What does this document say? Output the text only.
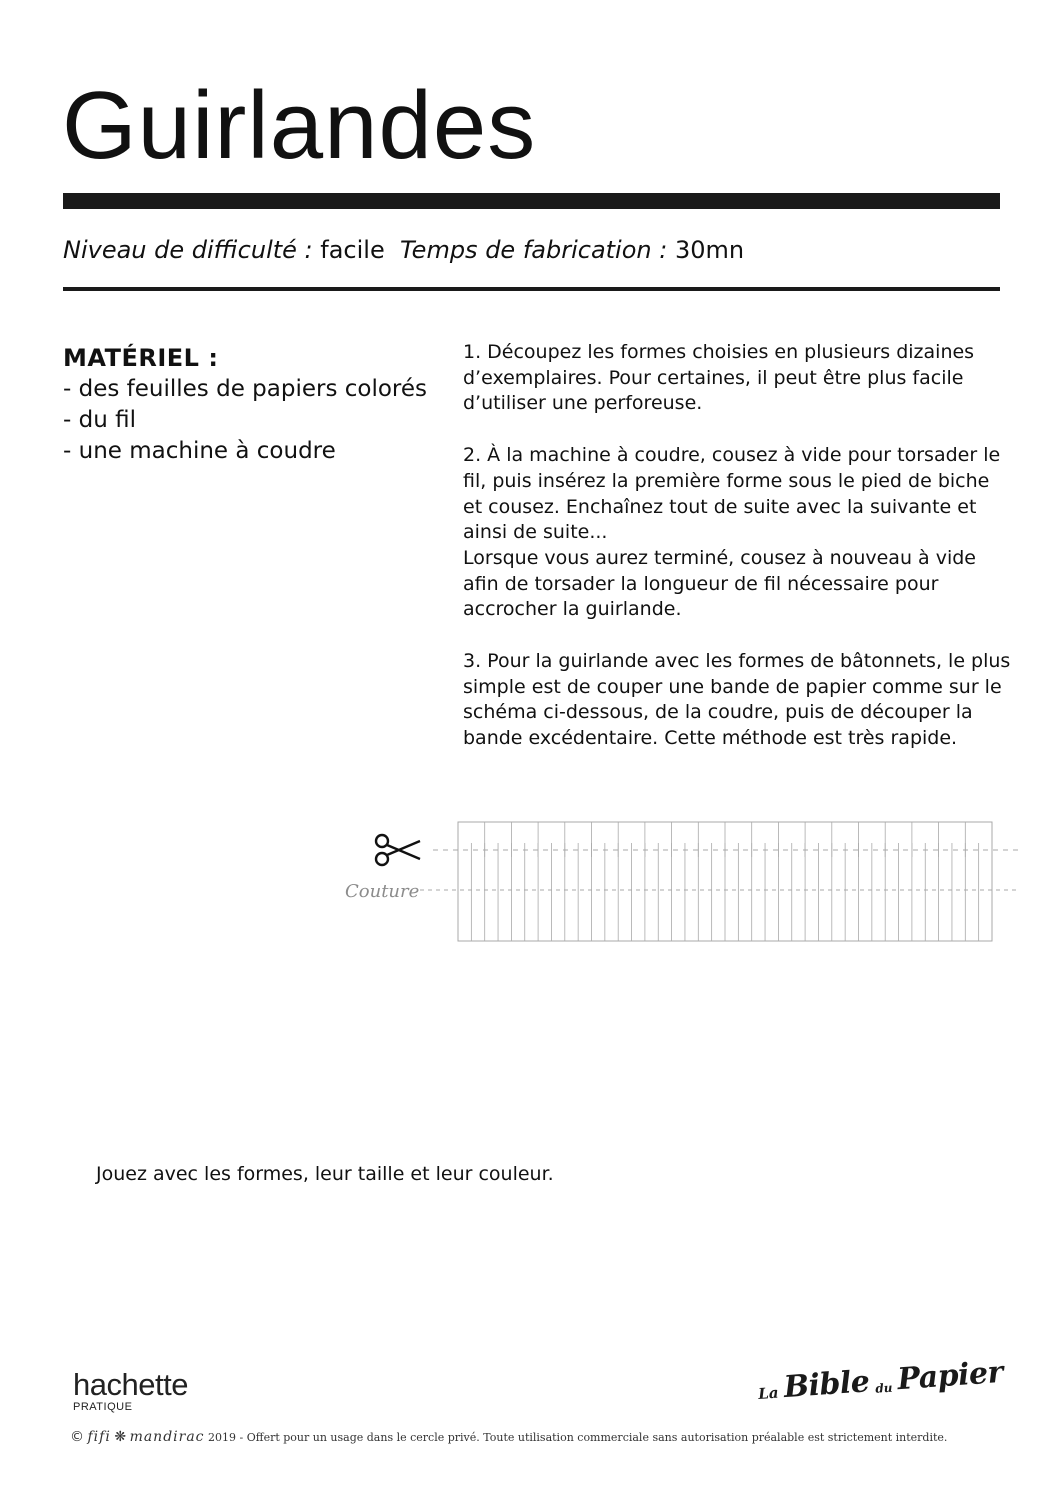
Guirlandes
Niveau de difficulté : facile Temps de fabrication : 30mn
MATÉRIEL :
- des feuilles de papiers colorés
- du fil
- une machine à coudre

1. Découpez les formes choisies en plusieurs dizaines d’exemplaires. Pour certaines, il peut être plus facile d’utiliser une perforeuse.

2. À la machine à coudre, cousez à vide pour torsader le fil, puis insérez la première forme sous le pied de biche et cousez. Enchaînez tout de suite avec la suivante et ainsi de suite...

Lorsque vous aurez terminé, cousez à nouveau à vide afin de torsader la longueur de fil nécessaire pour accrocher la guirlande.

3. Pour la guirlande avec les formes de bâtonnets, le plus simple est de couper une bande de papier comme sur le schéma ci-dessous, de la coudre, puis de découper la bande excédentaire. Cette méthode est très rapide.

Couture
Jouez avec les formes, leur taille et leur couleur.
hachette
PRATIQUE
La Bible du Papier
© fifi ❋ mandirac 2019 - Offert pour un usage dans le cercle privé. Toute utilisation commerciale sans autorisation préalable est strictement interdite.
